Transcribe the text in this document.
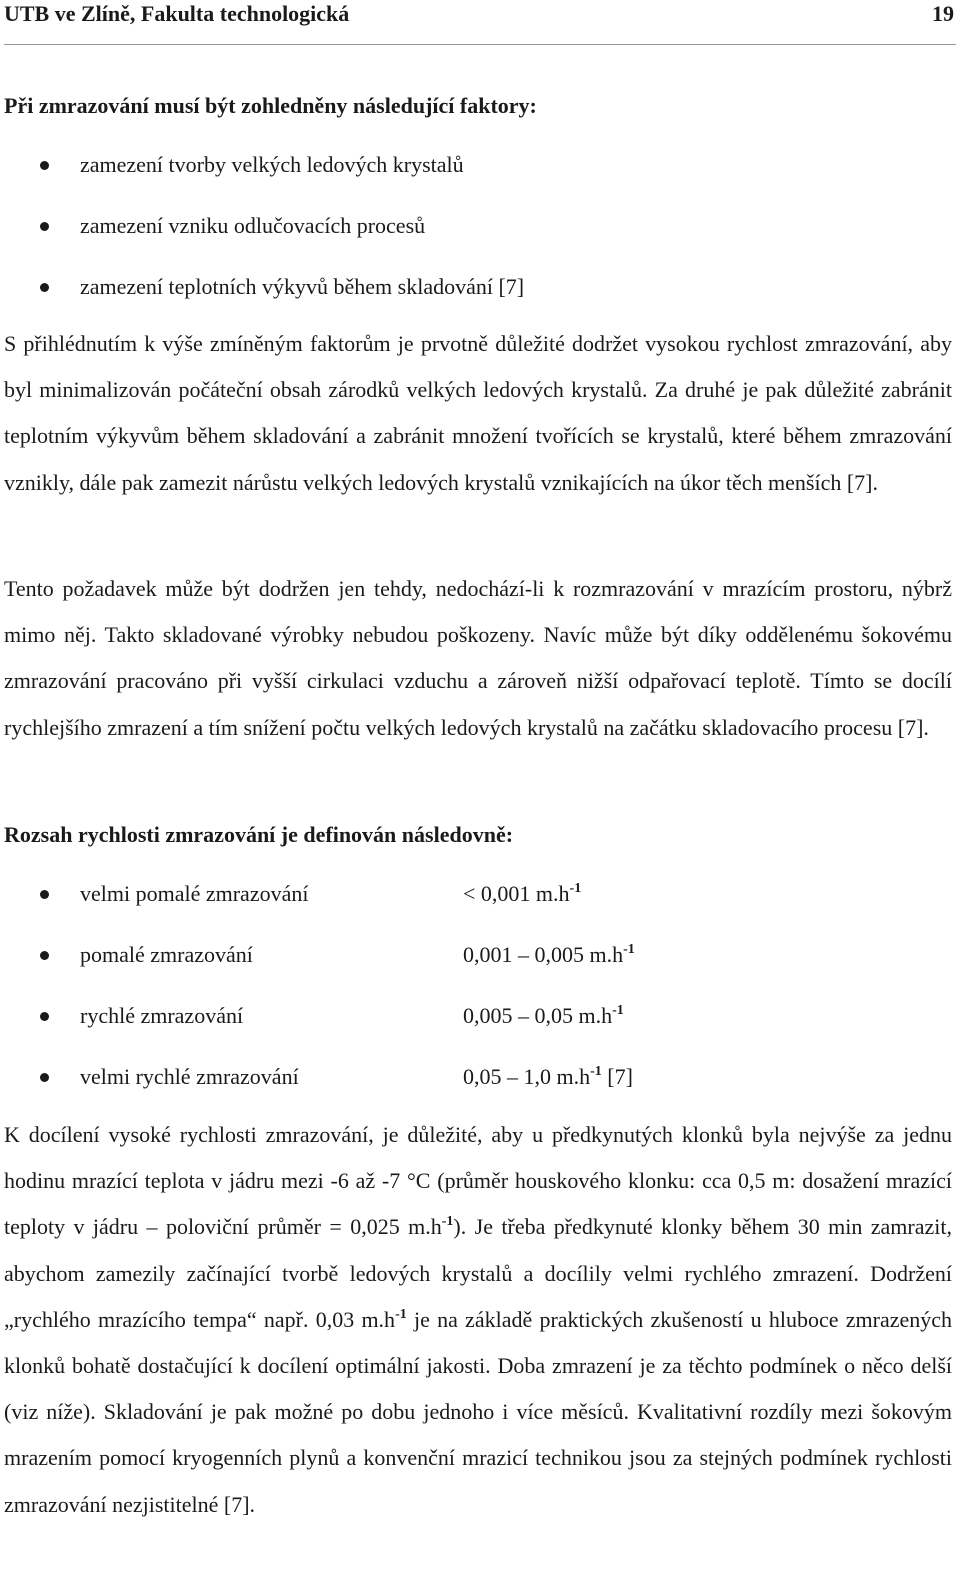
UTB ve Zlíně, Fakulta technologická	19
Při zmrazování musí být zohledněny následující faktory:
zamezení tvorby velkých ledových krystalů
zamezení vzniku odlučovacích procesů
zamezení teplotních výkyvů během skladování [7]
S přihlédnutím k výše zmíněným faktorům je prvotně důležité dodržet vysokou rychlost zmrazování, aby byl minimalizován počáteční obsah zárodků velkých ledových krystalů. Za druhé je pak důležité zabránit teplotním výkyvům během skladování a zabránit množení tvořících se krystalů, které během zmrazování vznikly, dále pak zamezit nárůstu velkých ledových krystalů vznikajících na úkor těch menších [7].
Tento požadavek může být dodržen jen tehdy, nedochází-li k rozmrazování v mrazícím prostoru, nýbrž mimo něj. Takto skladované výrobky nebudou poškozeny. Navíc může být díky oddělenému šokovému zmrazování pracováno při vyšší cirkulaci vzduchu a zároveň nižší odpařovací teplotě. Tímto se docílí rychlejšího zmrazení a tím snížení počtu velkých ledových krystalů na začátku skladovacího procesu [7].
Rozsah rychlosti zmrazování je definován následovně:
velmi pomalé zmrazování	< 0,001 $m.h^{-1}$
pomalé zmrazování	0,001 – 0,005 $m.h^{-1}$
rychlé zmrazování	0,005 – 0,05 $m.h^{-1}$
velmi rychlé zmrazování	0,05 – 1,0 $m.h^{-1}$ [7]
K docílení vysoké rychlosti zmrazování, je důležité, aby u předkynutých klonků byla nejvýše za jednu hodinu mrazící teplota v jádru mezi -6 až -7 °C (průměr houskového klonku: cca 0,5 m: dosažení mrazící teploty v jádru – poloviční průměr = 0,025 $m.h^{-1}$). Je třeba předkynuté klonky během 30 min zamrazit, abychom zamezily začínající tvorbě ledových krystalů a docílily velmi rychlého zmrazení. Dodržení „rychlého mrazícího tempa“ např. 0,03 $m.h^{-1}$ je na základě praktických zkušeností u hluboce zmrazených klonků bohatě dostačující k docílení optimální jakosti. Doba zmrazení je za těchto podmínek o něco delší (viz níže). Skladování je pak možné po dobu jednoho i více měsíců. Kvalitativní rozdíly mezi šokovým mrazením pomocí kryogenních plynů a konvenční mrazicí technikou jsou za stejných podmínek rychlosti zmrazování nezjistitelné [7].
